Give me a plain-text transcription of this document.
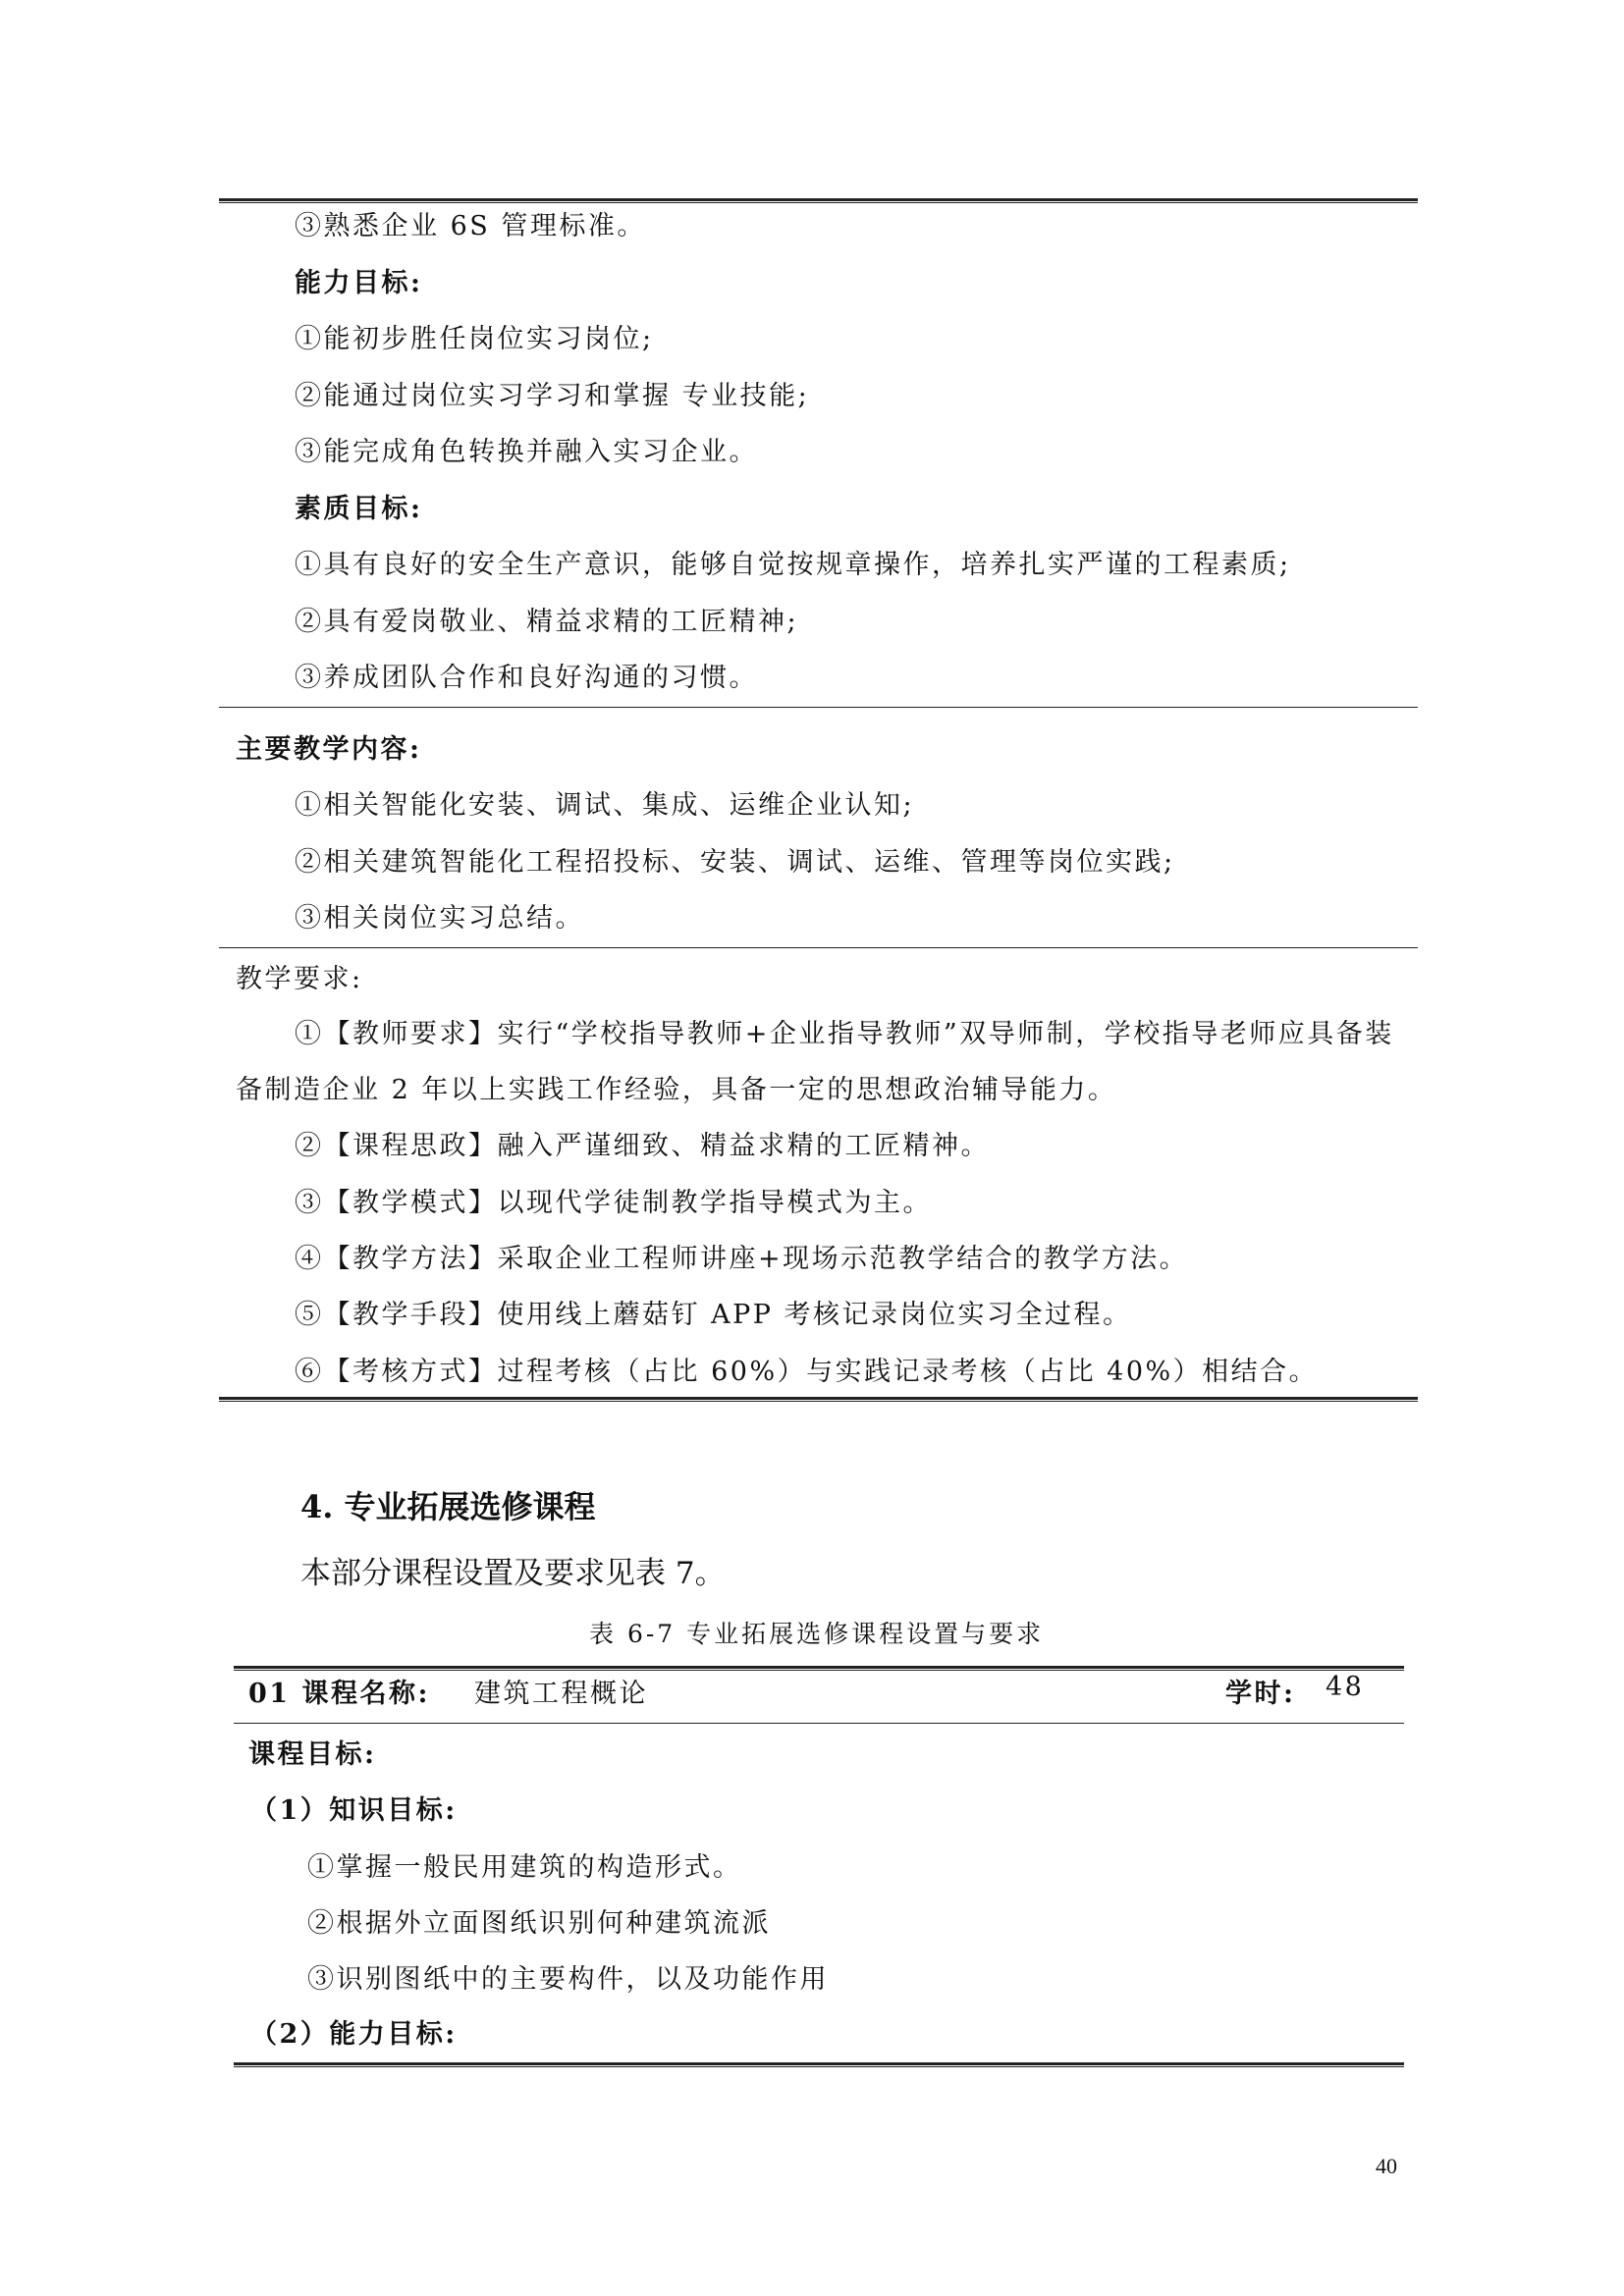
③熟悉企业 6S 管理标准。
能力目标:
①能初步胜任岗位实习岗位;
②能通过岗位实习学习和掌握 专业技能;
③能完成角色转换并融入实习企业。
素质目标:
①具有良好的安全生产意识，能够自觉按规章操作，培养扎实严谨的工程素质;
②具有爱岗敬业、精益求精的工匠精神;
③养成团队合作和良好沟通的习惯。
主要教学内容:
①相关智能化安装、调试、集成、运维企业认知;
②相关建筑智能化工程招投标、安装、调试、运维、管理等岗位实践;
③相关岗位实习总结。
教学要求:
①【教师要求】实行“学校指导教师+企业指导教师”双导师制，学校指导老师应具备装
备制造企业 2 年以上实践工作经验，具备一定的思想政治辅导能力。
②【课程思政】融入严谨细致、精益求精的工匠精神。
③【教学模式】以现代学徒制教学指导模式为主。
④【教学方法】采取企业工程师讲座+现场示范教学结合的教学方法。
⑤【教学手段】使用线上蘑菇钉 APP 考核记录岗位实习全过程。
⑥【考核方式】过程考核（占比 60%）与实践记录考核（占比 40%）相结合。
4. 专业拓展选修课程
本部分课程设置及要求见表 7。
表 6-7 专业拓展选修课程设置与要求
01 课程名称: 建筑工程概论	学时: 48
课程目标:
（1）知识目标:
①掌握一般民用建筑的构造形式。
②根据外立面图纸识别何种建筑流派
③识别图纸中的主要构件，以及功能作用
（2）能力目标:
40
